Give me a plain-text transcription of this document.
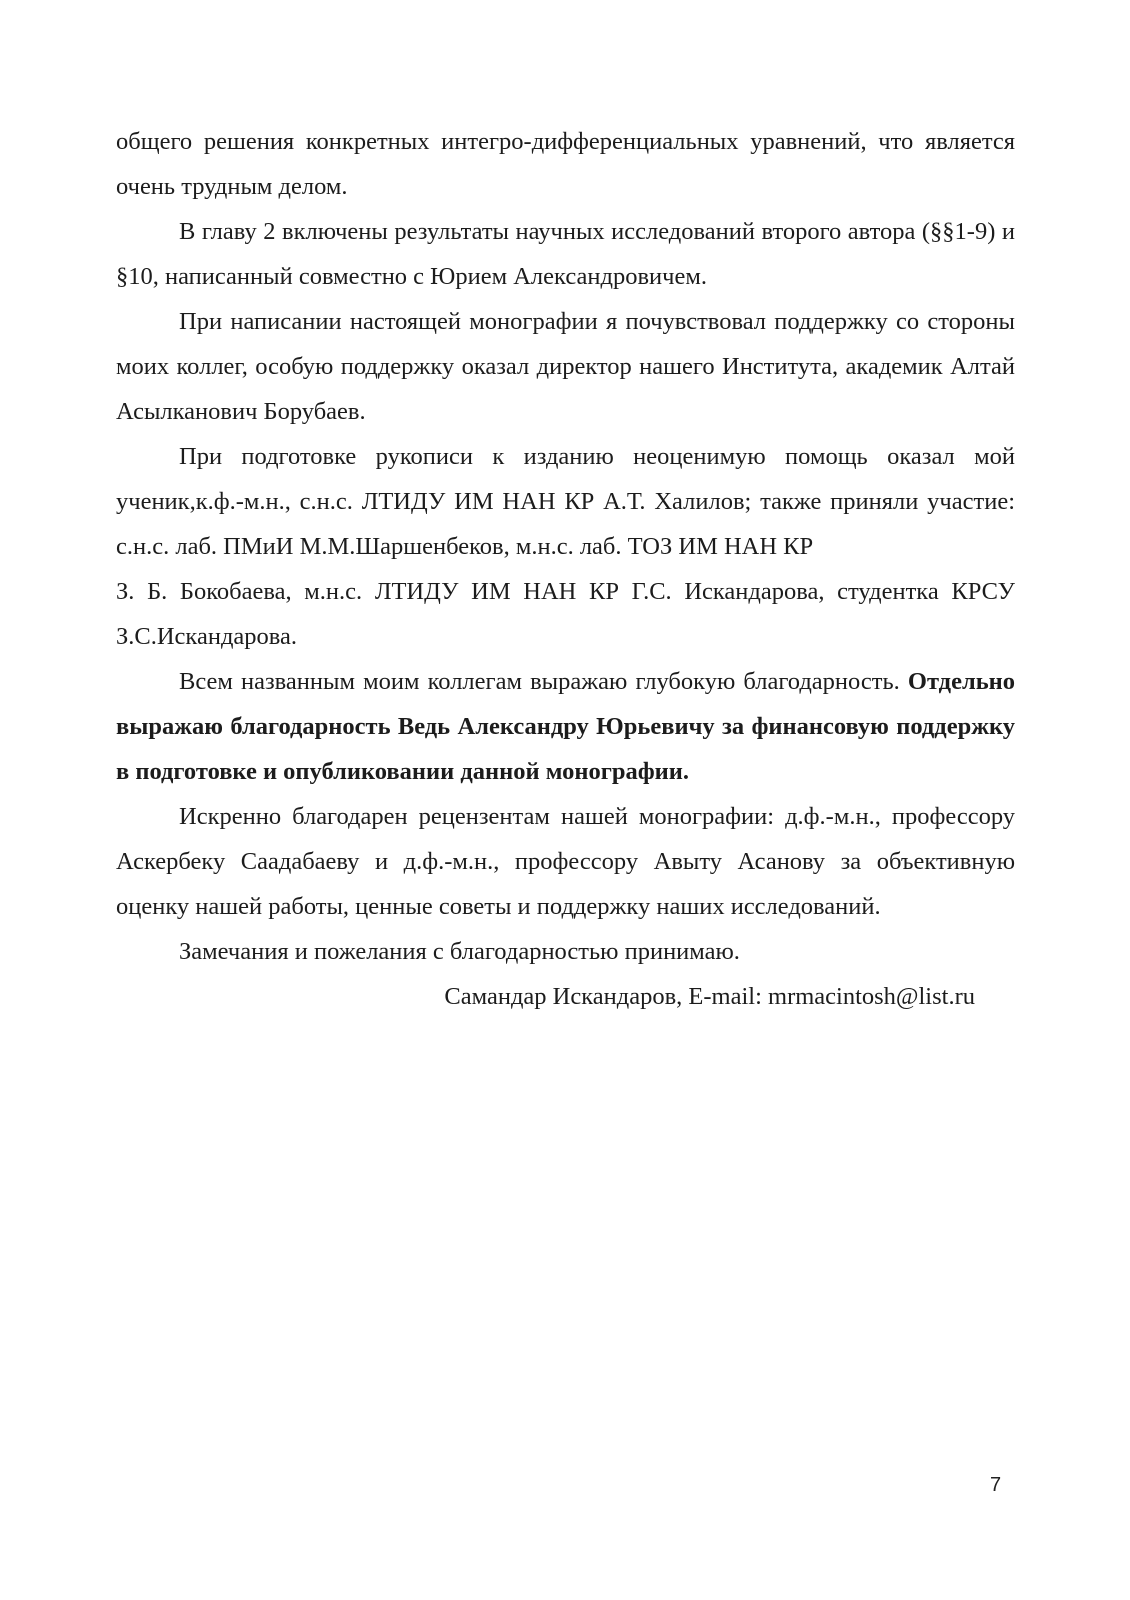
общего решения конкретных интегро-дифференциальных уравнений, что является очень трудным делом.

В главу 2 включены результаты научных исследований второго автора (§§1-9) и §10, написанный совместно с Юрием Александровичем.

При написании настоящей монографии я почувствовал поддержку со стороны моих коллег, особую поддержку оказал директор нашего Института, академик Алтай Асылканович Борубаев.

При подготовке рукописи к изданию неоценимую помощь оказал мой ученик,к.ф.-м.н., с.н.с. ЛТИДУ ИМ НАН КР А.Т. Халилов; также приняли участие: с.н.с. лаб. ПМиИ М.М.Шаршенбеков, м.н.с. лаб. ТОЗ ИМ НАН КР

З. Б. Бокобаева, м.н.с. ЛТИДУ ИМ НАН КР Г.С. Искандарова, студентка КРСУ З.С.Искандарова.

Всем названным моим коллегам выражаю глубокую благодарность. Отдельно выражаю благодарность Ведь Александру Юрьевичу за финансовую поддержку в подготовке и опубликовании данной монографии.

Искренно благодарен рецензентам нашей монографии: д.ф.-м.н., профессору Аскербеку Саадабаеву и д.ф.-м.н., профессору Авыту Асанову за объективную оценку нашей работы, ценные советы и поддержку наших исследований.

Замечания и пожелания с благодарностью принимаю.

Самандар Искандаров, E-mail: mrmacintosh@list.ru

7
